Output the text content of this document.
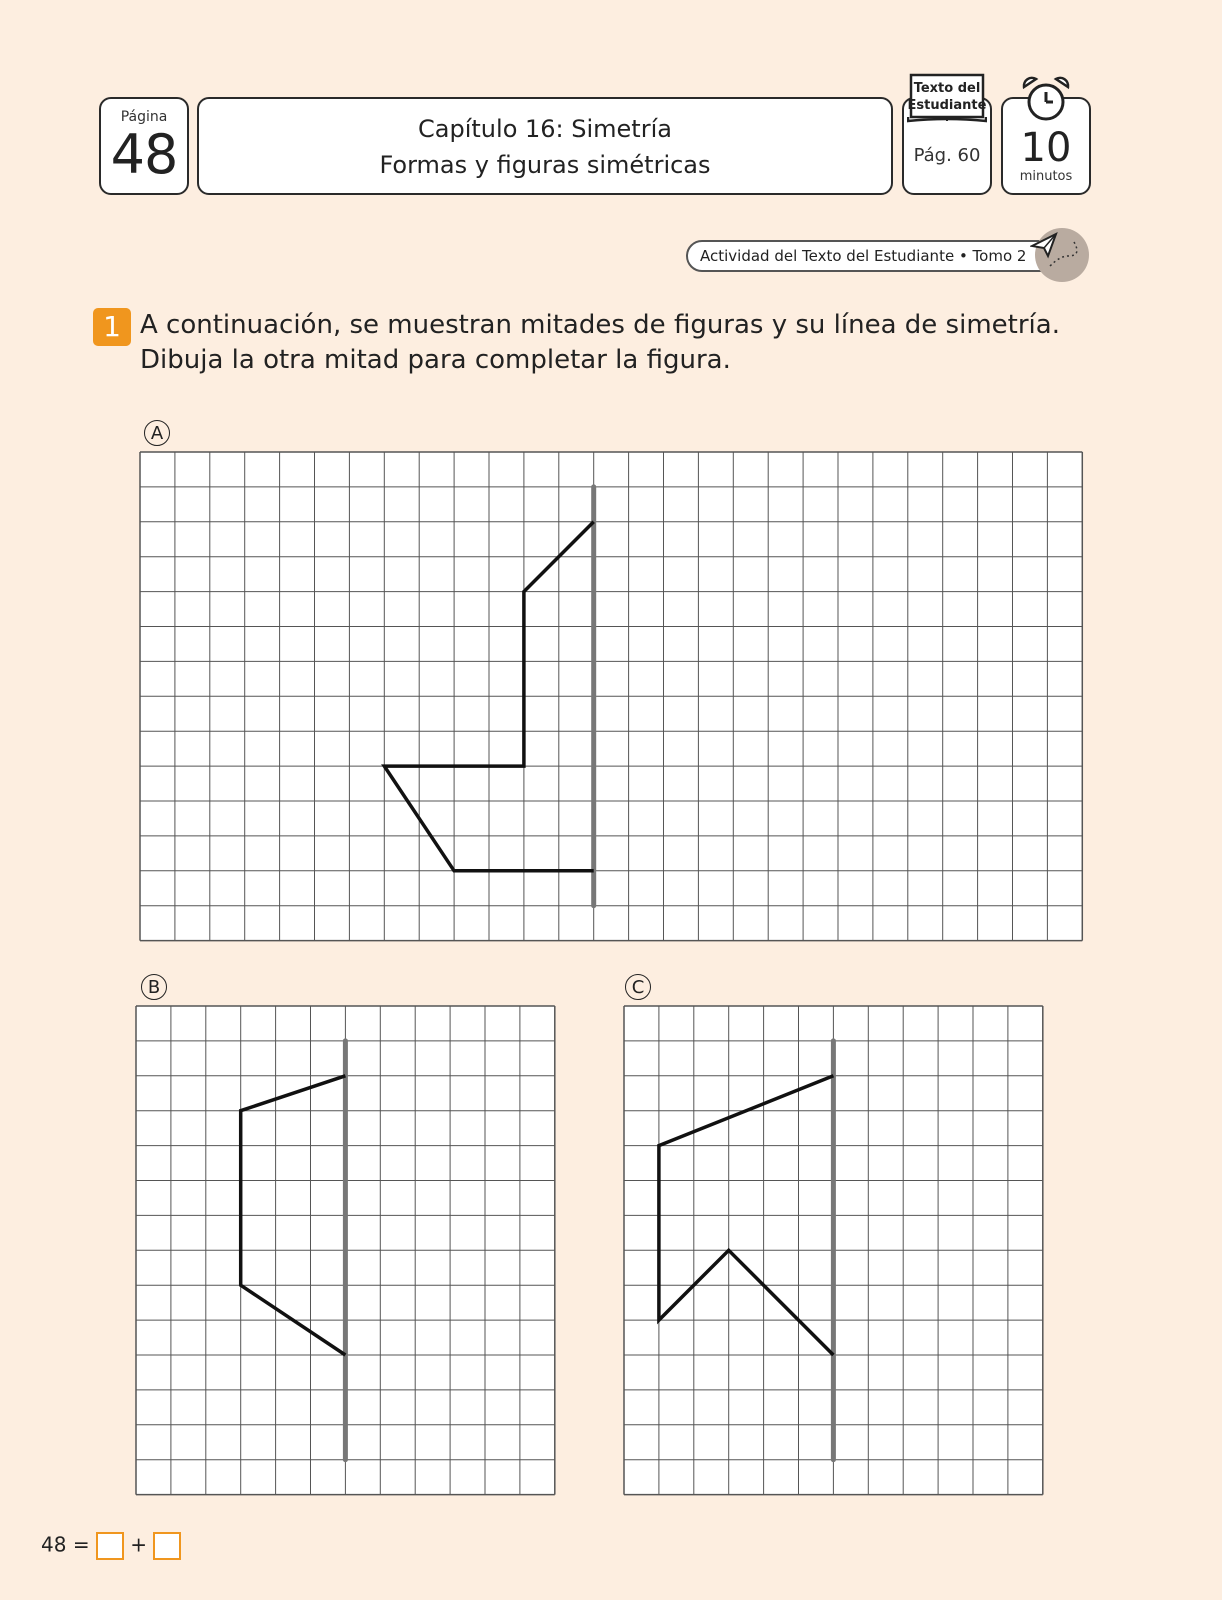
Página
48	Capítulo 16: Simetría
Formas y figuras simétricas	Pág. 60
Texto del
Estudiante
10
minutos
Actividad del Texto del Estudiante • Tomo 2
1 A continuación, se muestran mitades de figuras y su línea de simetría.
Dibuja la otra mitad para completar la figura.
A
B	C
48 = +
